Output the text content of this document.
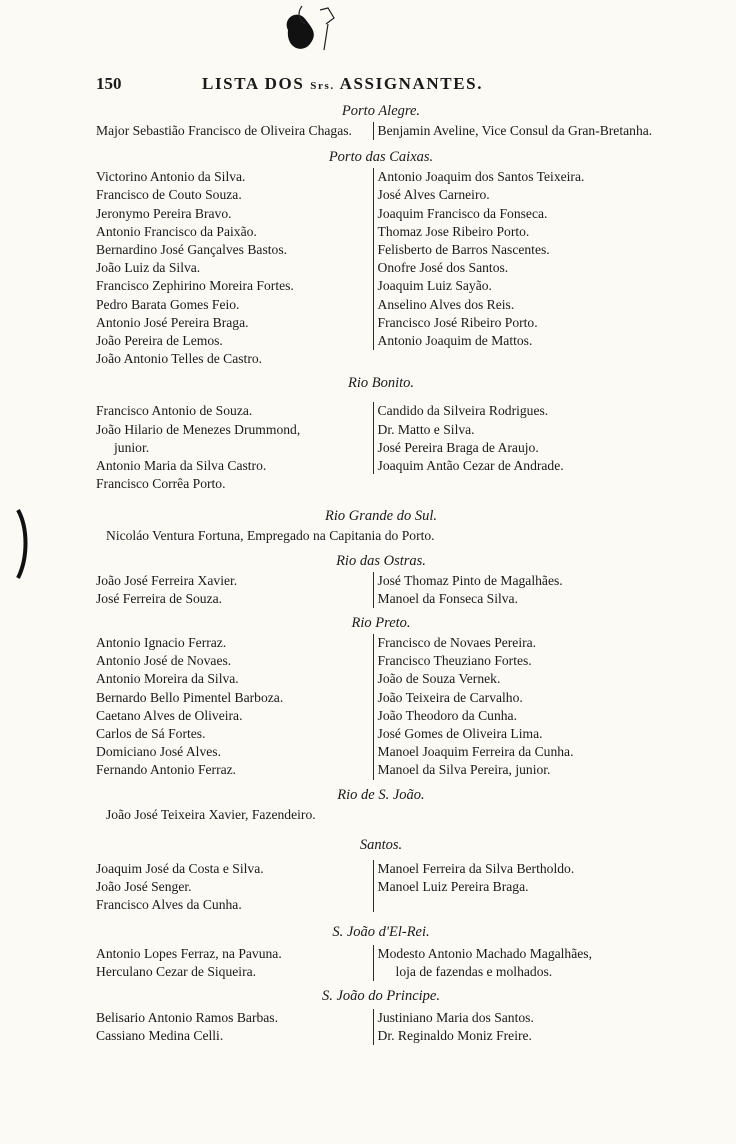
150	LISTA DOS Srs. ASSIGNANTES.
Porto Alegre.
Major Sebastião Francisco de Oliveira Chagas.	Benjamin Aveline, Vice Consul da Gran-Bretanha.
Porto das Caixas.
Victorino Antonio da Silva.
Francisco de Couto Souza.
Jeronymo Pereira Bravo.
Antonio Francisco da Paixão.
Bernardino José Gançalves Bastos.
João Luiz da Silva.
Francisco Zephirino Moreira Fortes.
Pedro Barata Gomes Feio.
Antonio José Pereira Braga.
João Pereira de Lemos.
João Antonio Telles de Castro.
Antonio Joaquim dos Santos Teixeira.
José Alves Carneiro.
Joaquim Francisco da Fonseca.
Thomaz Jose Ribeiro Porto.
Felisberto de Barros Nascentes.
Onofre José dos Santos.
Joaquim Luiz Sayão.
Anselino Alves dos Reis.
Francisco José Ribeiro Porto.
Antonio Joaquim de Mattos.
Rio Bonito.
Francisco Antonio de Souza.
João Hilario de Menezes Drummond,
junior.
Antonio Maria da Silva Castro.
Francisco Corrêa Porto.
Candido da Silveira Rodrigues.
Dr. Matto e Silva.
José Pereira Braga de Araujo.
Joaquim Antão Cezar de Andrade.
Rio Grande do Sul.
Nicoláo Ventura Fortuna, Empregado na Capitania do Porto.
Rio das Ostras.
João José Ferreira Xavier.
José Ferreira de Souza.
José Thomaz Pinto de Magalhães.
Manoel da Fonseca Silva.
Rio Preto.
Antonio Ignacio Ferraz.
Antonio José de Novaes.
Antonio Moreira da Silva.
Bernardo Bello Pimentel Barboza.
Caetano Alves de Oliveira.
Carlos de Sá Fortes.
Domiciano José Alves.
Fernando Antonio Ferraz.
Francisco de Novaes Pereira.
Francisco Theuziano Fortes.
João de Souza Vernek.
João Teixeira de Carvalho.
João Theodoro da Cunha.
José Gomes de Oliveira Lima.
Manoel Joaquim Ferreira da Cunha.
Manoel da Silva Pereira, junior.
Rio de S. João.
João José Teixeira Xavier, Fazendeiro.
Santos.
Joaquim José da Costa e Silva.
João José Senger.
Francisco Alves da Cunha.
Manoel Ferreira da Silva Bertholdo.
Manoel Luiz Pereira Braga.
S. João d'El-Rei.
Antonio Lopes Ferraz, na Pavuna.
Herculano Cezar de Siqueira.
Modesto Antonio Machado Magalhães,
loja de fazendas e molhados.
S. João do Principe.
Belisario Antonio Ramos Barbas.
Cassiano Medina Celli.
Justiniano Maria dos Santos.
Dr. Reginaldo Moniz Freire.
